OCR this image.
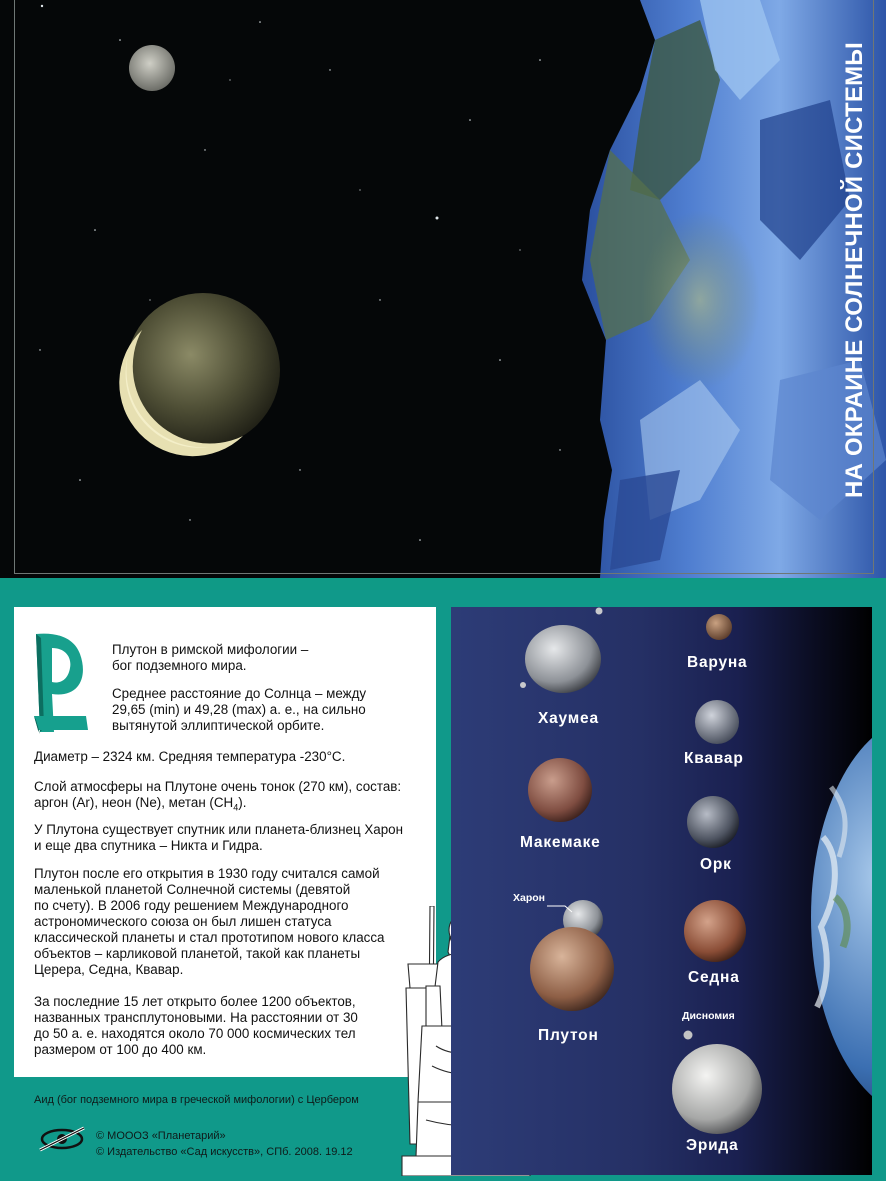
НА ОКРАИНЕ СОЛНЕЧНОЙ СИСТЕМЫ

Плутон в римской мифологии –
бог подземного мира.

Среднее расстояние до Солнца – между
29,65 (min) и 49,28 (max) а. е., на сильно
вытянутой эллиптической орбите.

Диаметр – 2324 км. Средняя температура -230°С.

Слой атмосферы на Плутоне очень тонок (270 км), состав:
аргон (Ar), неон (Ne), метан $(CH_4)$.

У Плутона существует спутник или планета-близнец Харон
и еще два спутника – Никта и Гидра.

Плутон после его открытия в 1930 году считался самой
маленькой планетой Солнечной системы (девятой
по счету). В 2006 году решением Международного
астрономического союза он был лишен статуса
классической планеты и стал прототипом нового класса
объектов – карликовой планетой, такой как планеты
Церера, Седна, Квавар.

За последние 15 лет открыто более 1200 объектов,
названных транcплутоновыми. На расстоянии от 30
до 50 а. е. находятся около 70 000 космических тел
размером от 100 до 400 км.

Аид (бог подземного мира в греческой мифологии) с Цербером
© МОООЗ «Планетарий»
© Издательство «Сад искусств», СПб. 2008. 19.12
Хаумеа
Макемаке
Харон
Плутон
Варуна
Квавар
Орк
Седна
Дисномия
Эрида
